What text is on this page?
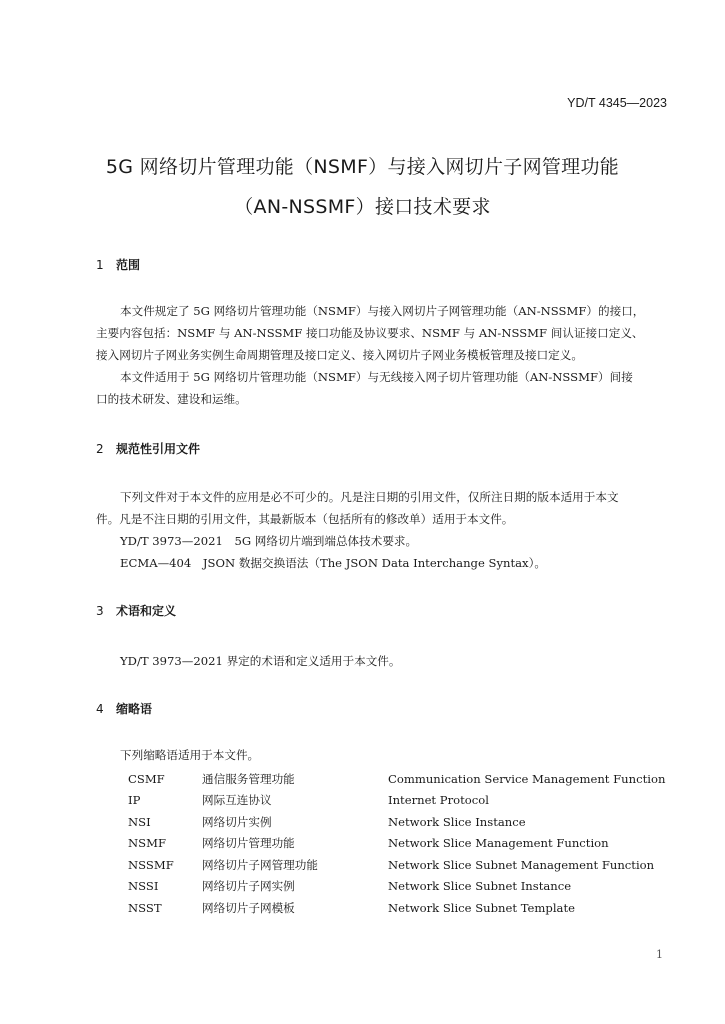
YD/T 4345—2023
5G 网络切片管理功能（NSMF）与接入网切片子网管理功能
（AN-NSSMF）接口技术要求
1 范围

本文件规定了 5G 网络切片管理功能（NSMF）与接入网切片子网管理功能（AN-NSSMF）的接口，

主要内容包括：NSMF 与 AN-NSSMF 接口功能及协议要求、NSMF 与 AN-NSSMF 间认证接口定义、

接入网切片子网业务实例生命周期管理及接口定义、接入网切片子网业务模板管理及接口定义。

本文件适用于 5G 网络切片管理功能（NSMF）与无线接入网子切片管理功能（AN-NSSMF）间接

口的技术研发、建设和运维。

2 规范性引用文件

下列文件对于本文件的应用是必不可少的。凡是注日期的引用文件，仅所注日期的版本适用于本文

件。凡是不注日期的引用文件，其最新版本（包括所有的修改单）适用于本文件。

YD/T 3973—2021　5G 网络切片端到端总体技术要求。

ECMA—404　JSON 数据交换语法（The JSON Data Interchange Syntax）。

3 术语和定义

YD/T 3973—2021 界定的术语和定义适用于本文件。

4 缩略语

下列缩略语适用于本文件。

CSMF	通信服务管理功能	Communication Service Management Function
IP	网际互连协议	Internet Protocol
NSI	网络切片实例	Network Slice Instance
NSMF	网络切片管理功能	Network Slice Management Function
NSSMF	网络切片子网管理功能	Network Slice Subnet Management Function
NSSI	网络切片子网实例	Network Slice Subnet Instance
NSST	网络切片子网模板	Network Slice Subnet Template
1
